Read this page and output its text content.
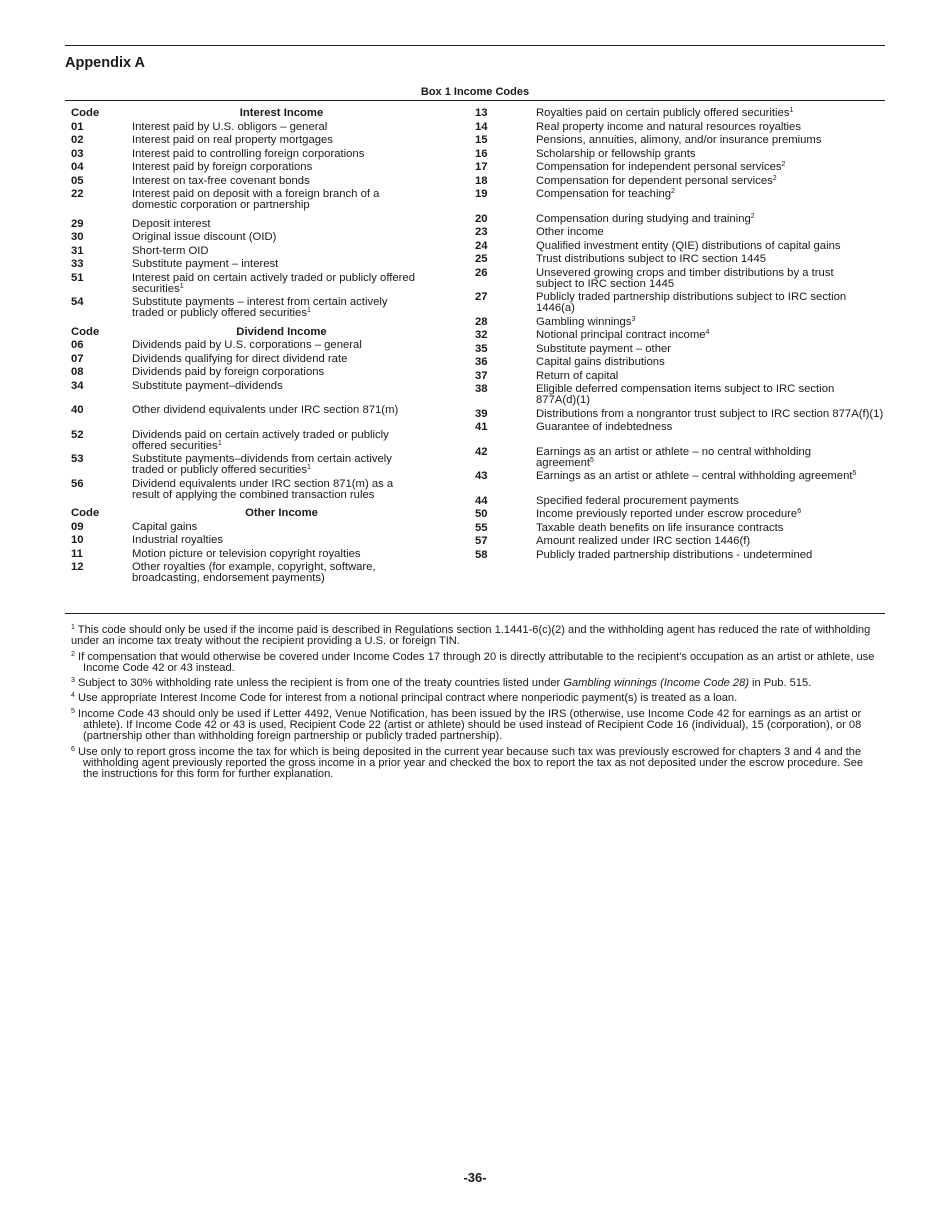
Appendix A
Box 1 Income Codes
Code	Interest Income
01	Interest paid by U.S. obligors – general
02	Interest paid on real property mortgages
03	Interest paid to controlling foreign corporations
04	Interest paid by foreign corporations
05	Interest on tax-free covenant bonds
22	Interest paid on deposit with a foreign branch of a domestic corporation or partnership
29	Deposit interest
30	Original issue discount (OID)
31	Short-term OID
33	Substitute payment – interest
51	Interest paid on certain actively traded or publicly offered securities$^1$
54	Substitute payments – interest from certain actively traded or publicly offered securities$^1$
Code	Dividend Income
06	Dividends paid by U.S. corporations – general
07	Dividends qualifying for direct dividend rate
08	Dividends paid by foreign corporations
34	Substitute payment–dividends
40	Other dividend equivalents under IRC section 871(m)
52	Dividends paid on certain actively traded or publicly offered securities$^1$
53	Substitute payments–dividends from certain actively traded or publicly offered securities$^1$
56	Dividend equivalents under IRC section 871(m) as a result of applying the combined transaction rules
Code	Other Income
09	Capital gains
10	Industrial royalties
11	Motion picture or television copyright royalties
12	Other royalties (for example, copyright, software, broadcasting, endorsement payments)
13	Royalties paid on certain publicly offered securities$^1$
14	Real property income and natural resources royalties
15	Pensions, annuities, alimony, and/or insurance premiums
16	Scholarship or fellowship grants
17	Compensation for independent personal services$^2$
18	Compensation for dependent personal services$^2$
19	Compensation for teaching$^2$
20	Compensation during studying and training$^2$
23	Other income
24	Qualified investment entity (QIE) distributions of capital gains
25	Trust distributions subject to IRC section 1445
26	Unsevered growing crops and timber distributions by a trust subject to IRC section 1445
27	Publicly traded partnership distributions subject to IRC section 1446(a)
28	Gambling winnings$^3$
32	Notional principal contract income$^4$
35	Substitute payment – other
36	Capital gains distributions
37	Return of capital
38	Eligible deferred compensation items subject to IRC section 877A(d)(1)
39	Distributions from a nongrantor trust subject to IRC section 877A(f)(1)
41	Guarantee of indebtedness
42	Earnings as an artist or athlete – no central withholding agreement$^5$
43	Earnings as an artist or athlete – central withholding agreement$^5$
44	Specified federal procurement payments
50	Income previously reported under escrow procedure$^6$
55	Taxable death benefits on life insurance contracts
57	Amount realized under IRC section 1446(f)
58	Publicly traded partnership distributions - undetermined

$^1$ This code should only be used if the income paid is described in Regulations section 1.1441-6(c)(2) and the withholding agent has reduced the rate of withholding under an income tax treaty without the recipient providing a U.S. or foreign TIN.

$^2$ If compensation that would otherwise be covered under Income Codes 17 through 20 is directly attributable to the recipient's occupation as an artist or athlete, use Income Code 42 or 43 instead.

$^3$ Subject to 30% withholding rate unless the recipient is from one of the treaty countries listed under Gambling winnings (Income Code 28) in Pub. 515.

$^4$ Use appropriate Interest Income Code for interest from a notional principal contract where nonperiodic payment(s) is treated as a loan.

$^5$ Income Code 43 should only be used if Letter 4492, Venue Notification, has been issued by the IRS (otherwise, use Income Code 42 for earnings as an artist or athlete). If Income Code 42 or 43 is used, Recipient Code 22 (artist or athlete) should be used instead of Recipient Code 16 (individual), 15 (corporation), or 08 (partnership other than withholding foreign partnership or publicly traded partnership).

$^6$ Use only to report gross income the tax for which is being deposited in the current year because such tax was previously escrowed for chapters 3 and 4 and the withholding agent previously reported the gross income in a prior year and checked the box to report the tax as not deposited under the escrow procedure. See the instructions for this form for further explanation.

-36-
